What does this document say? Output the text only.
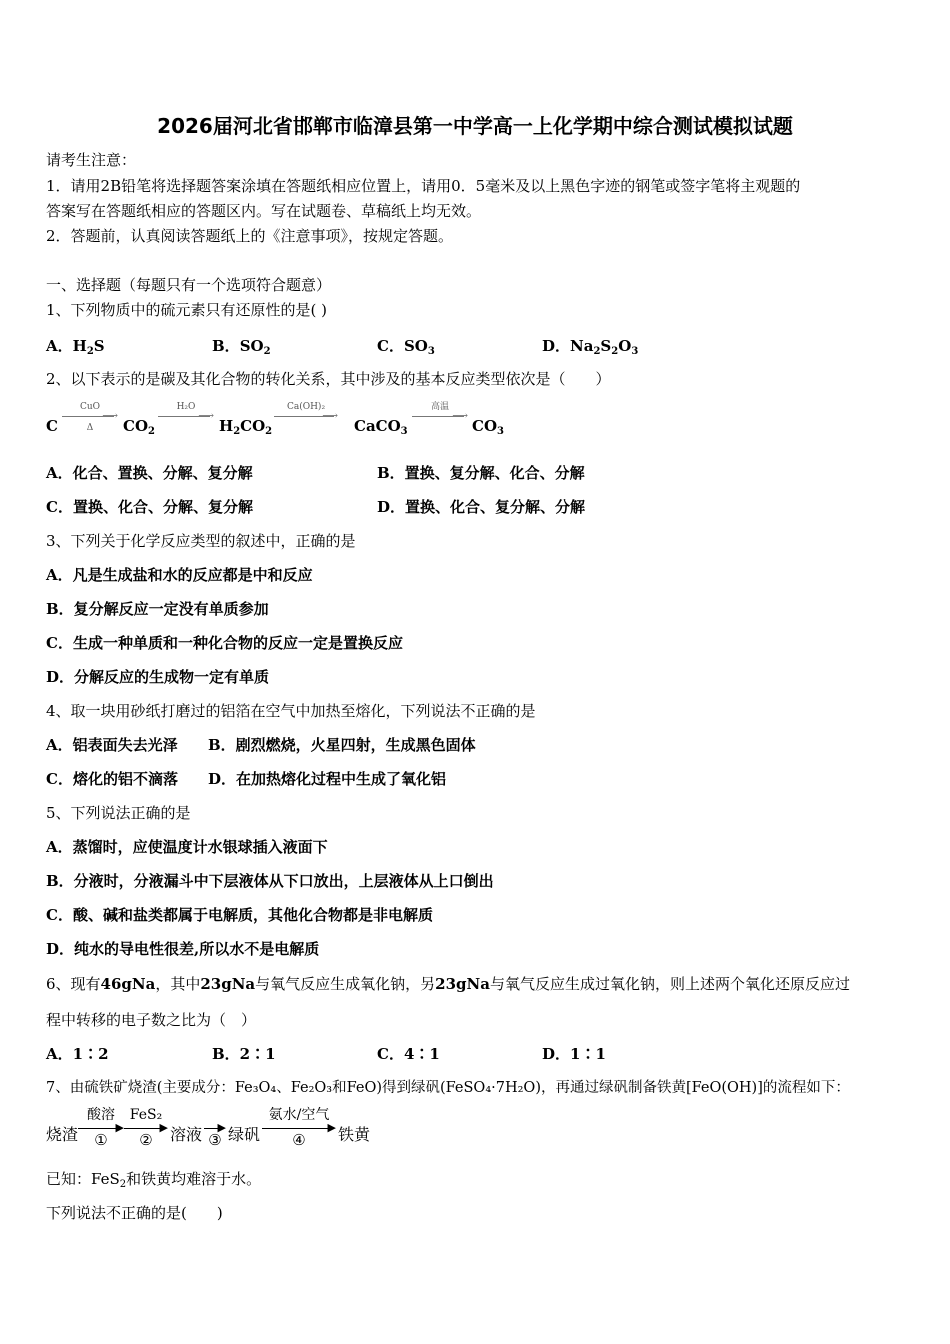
2026届河北省邯郸市临漳县第一中学高一上化学期中综合测试模拟试题
请考生注意：
1．请用2B铅笔将选择题答案涂填在答题纸相应位置上，请用0．5毫米及以上黑色字迹的钢笔或签字笔将主观题的
答案写在答题纸相应的答题区内。写在试题卷、草稿纸上均无效。
2．答题前，认真阅读答题纸上的《注意事项》，按规定答题。
一、选择题（每题只有一个选项符合题意）
1、下列物质中的硫元素只有还原性的是( )
A．$H_2S$	B．$SO_2$	C．$SO_3$	D．$Na_2S_2O_3$
2、以下表示的是碳及其化合物的转化关系，其中涉及的基本反应类型依次是（　　）
C
CuO
⟶
Δ	$CO_2$
H₂O
⟶
$H_2CO_2$
Ca(OH)₂
⟶
CaCO$_3$
高温
⟶
$CO_3$
A．化合、置换、分解、复分解	B．置换、复分解、化合、分解
C．置换、化合、分解、复分解	D．置换、化合、复分解、分解
3、下列关于化学反应类型的叙述中，正确的是
A．凡是生成盐和水的反应都是中和反应
B．复分解反应一定没有单质参加
C．生成一种单质和一种化合物的反应一定是置换反应
D．分解反应的生成物一定有单质
4、取一块用砂纸打磨过的铝箔在空气中加热至熔化，下列说法不正确的是
A．铝表面失去光泽 B．剧烈燃烧，火星四射，生成黑色固体
C．熔化的铝不滴落 D．在加热熔化过程中生成了氧化铝
5、下列说法正确的是
A．蒸馏时，应使温度计水银球插入液面下
B．分液时，分液漏斗中下层液体从下口放出，上层液体从上口倒出
C．酸、碱和盐类都属于电解质，其他化合物都是非电解质
D．纯水的导电性很差,所以水不是电解质
6、现有46gNa，其中23gNa与氧气反应生成氧化钠，另23gNa与氧气反应生成过氧化钠，则上述两个氧化还原反应过
程中转移的电子数之比为（　）
A．1∶2	B．2∶1	C．4∶1	D．1∶1
7、由硫铁矿烧渣(主要成分：Fe₃O₄、Fe₂O₃和FeO)得到绿矾(FeSO₄·7H₂O)，再通过绿矾制备铁黄[FeO(OH)]的流程如下：
烧渣
酸溶
▶
①
FeS₂
▶
②	溶液 ▶
③ 绿矾
氨水/空气
▶
④	铁黄
已知：FeS$_2$和铁黄均难溶于水。
下列说法不正确的是(　　)
